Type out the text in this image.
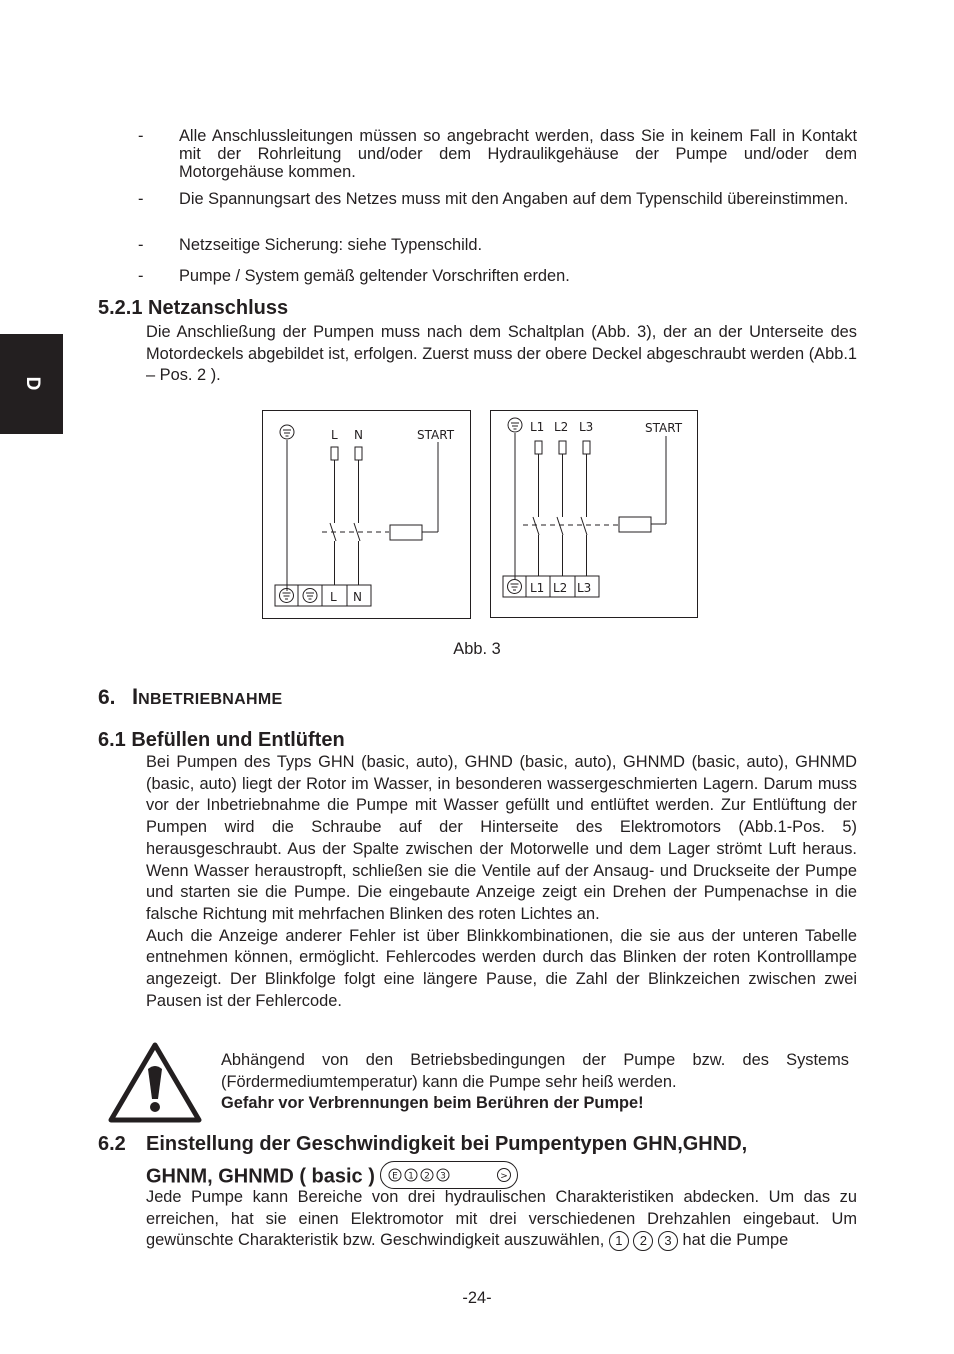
D
- Alle Anschlussleitungen müssen so angebracht werden, dass Sie in keinem Fall in Kontakt mit der Rohrleitung und/oder dem Hydraulikgehäuse der Pumpe und/oder dem Motorgehäuse kommen.
- Die Spannungsart des Netzes muss mit den Angaben auf dem Typenschild übereinstimmen.
- Netzseitige Sicherung: siehe Typenschild.
- Pumpe / System gemäß geltender Vorschriften erden.
5.2.1 Netzanschluss
Die Anschließung der Pumpen muss nach dem Schaltplan (Abb. 3), der an der Unterseite des Motordeckels abgebildet ist, erfolgen. Zuerst muss der obere Deckel abgeschraubt werden (Abb.1 – Pos. 2 ).
L N	START
L N
L1 L2 L3	START
L1 L2 L3
Abb. 3
6. INBETRIEBNAHME
6.1 Befüllen und Entlüften
Bei Pumpen des Typs GHN (basic, auto), GHND (basic, auto), GHNMD (basic, auto), GHNMD (basic, auto) liegt der Rotor im Wasser, in besonderen wassergeschmierten Lagern. Darum muss vor der Inbetriebnahme die Pumpe mit Wasser gefüllt und entlüftet werden. Zur Entlüftung der Pumpen wird die Schraube auf der Hinterseite des Elektromotors (Abb.1-Pos. 5) herausgeschraubt. Aus der Spalte zwischen der Motorwelle und dem Lager strömt Luft heraus. Wenn Wasser heraustropft, schließen sie die Ventile auf der Ansaug- und Druckseite der Pumpe und starten sie die Pumpe. Die eingebaute Anzeige zeigt ein Drehen der Pumpenachse in die falsche Richtung mit mehrfachen Blinken des roten Lichtes an.
Auch die Anzeige anderer Fehler ist über Blinkkombinationen, die sie aus der unteren Tabelle entnehmen können, ermöglicht. Fehlercodes werden durch das Blinken der roten Kontrolllampe angezeigt. Der Blinkfolge folgt eine längere Pause, die Zahl der Blinkzeichen zwischen zwei Pausen ist der Fehlercode.
Abhängend von den Betriebsbedingungen der Pumpe bzw. des Systems (Fördermediumtemperatur) kann die Pumpe sehr heiß werden.
Gefahr vor Verbrennungen beim Berühren der Pumpe!
6.2 Einstellung der Geschwindigkeit bei Pumpentypen GHN,GHND,
GHNM, GHNMD ( basic ) E 1 2 3	>
Jede Pumpe kann Bereiche von drei hydraulischen Charakteristiken abdecken. Um das zu erreichen, hat sie einen Elektromotor mit drei verschiedenen Drehzahlen eingebaut. Um gewünschte Charakteristik bzw. Geschwindigkeit auszuwählen, 1 2 3 hat die Pumpe
-24-
